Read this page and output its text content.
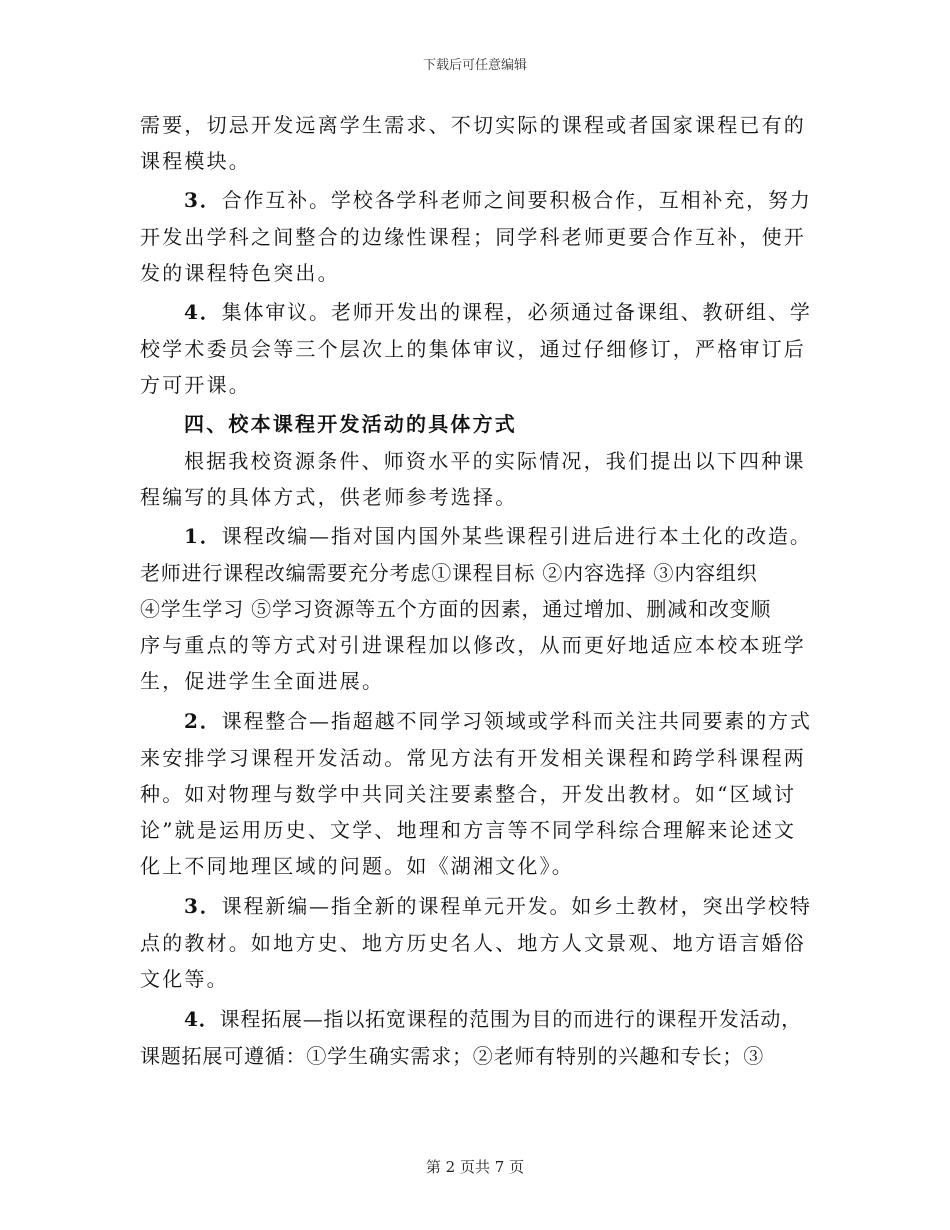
下载后可任意编辑

需要，切忌开发远离学生需求、不切实际的课程或者国家课程已有的

课程模块。

3．合作互补。学校各学科老师之间要积极合作，互相补充，努力

开发出学科之间整合的边缘性课程；同学科老师更要合作互补，使开

发的课程特色突出。

4．集体审议。老师开发出的课程，必须通过备课组、教研组、学

校学术委员会等三个层次上的集体审议，通过仔细修订，严格审订后

方可开课。

四、校本课程开发活动的具体方式

根据我校资源条件、师资水平的实际情况，我们提出以下四种课

程编写的具体方式，供老师参考选择。

1．课程改编—指对国内国外某些课程引进后进行本土化的改造。

老师进行课程改编需要充分考虑①课程目标 ②内容选择 ③内容组织

④学生学习 ⑤学习资源等五个方面的因素，通过增加、删减和改变顺

序与重点的等方式对引进课程加以修改，从而更好地适应本校本班学

生，促进学生全面进展。

2．课程整合—指超越不同学习领域或学科而关注共同要素的方式

来安排学习课程开发活动。常见方法有开发相关课程和跨学科课程两

种。如对物理与数学中共同关注要素整合，开发出教材。如“区域讨

论”就是运用历史、文学、地理和方言等不同学科综合理解来论述文

化上不同地理区域的问题。如《湖湘文化》。

3．课程新编—指全新的课程单元开发。如乡土教材，突出学校特

点的教材。如地方史、地方历史名人、地方人文景观、地方语言婚俗

文化等。

4．课程拓展—指以拓宽课程的范围为目的而进行的课程开发活动，

课题拓展可遵循：①学生确实需求；②老师有特别的兴趣和专长；③

第 2 页共 7 页
